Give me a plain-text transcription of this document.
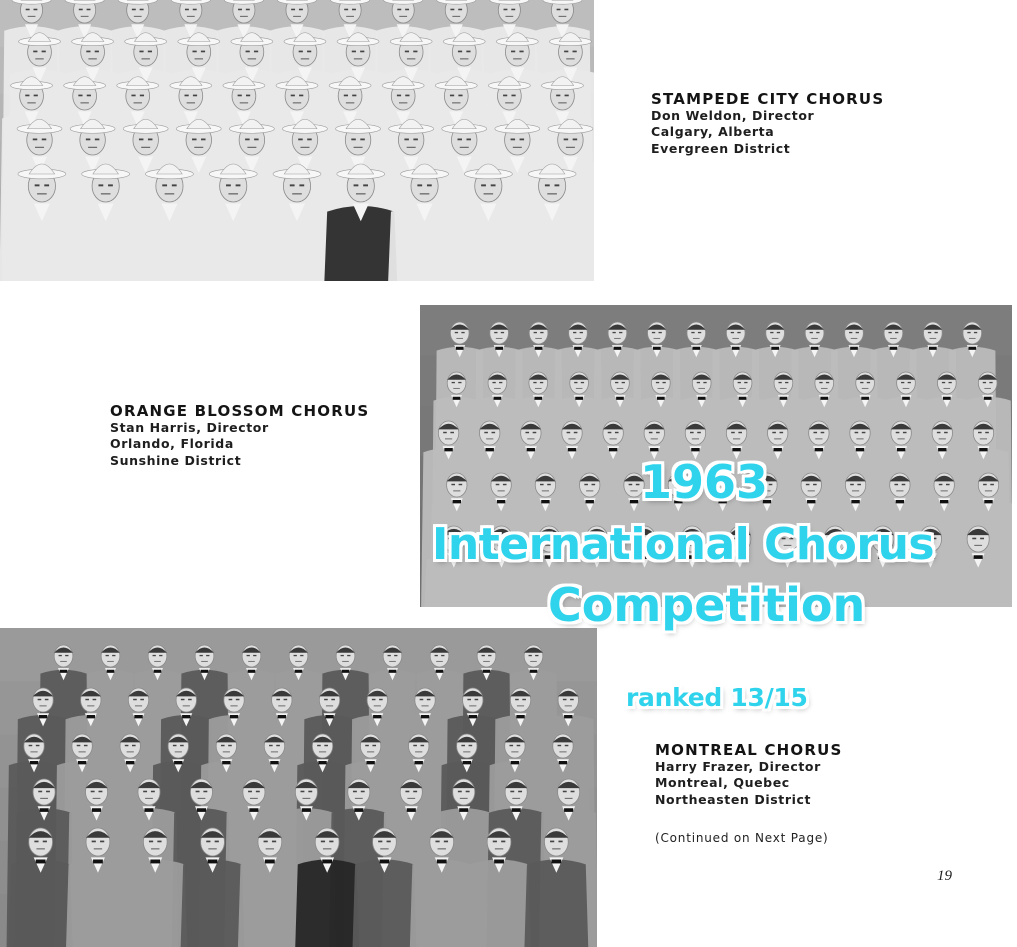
STAMPEDE CITY CHORUS
Don Weldon, Director
Calgary, Alberta
Evergreen District
ORANGE BLOSSOM CHORUS
Stan Harris, Director
Orlando, Florida
Sunshine District
MONTREAL CHORUS
Harry Frazer, Director
Montreal, Quebec
Northeasten District
(Continued on Next Page)
19
1963
International Chorus
Competition
ranked 13/15
